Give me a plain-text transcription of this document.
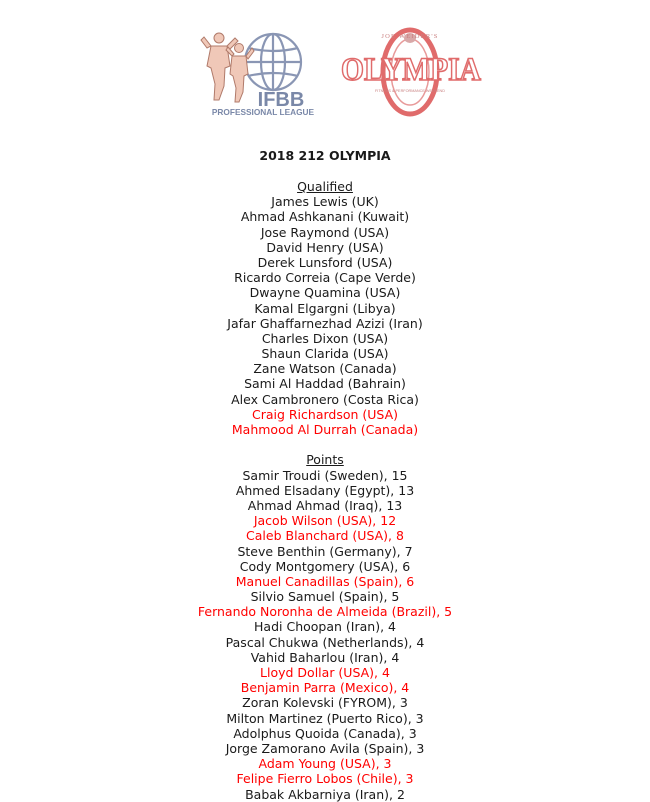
IFBB
PROFESSIONAL LEAGUE
JOE WEIDER'S
OLYMPIA
FITNESS & PERFORMANCE WEEKEND
2018 212 OLYMPIA
Qualified
James Lewis (UK)
Ahmad Ashkanani (Kuwait)
Jose Raymond (USA)
David Henry (USA)
Derek Lunsford (USA)
Ricardo Correia (Cape Verde)
Dwayne Quamina (USA)
Kamal Elgargni (Libya)
Jafar Ghaffarnezhad Azizi (Iran)
Charles Dixon (USA)
Shaun Clarida (USA)
Zane Watson (Canada)
Sami Al Haddad (Bahrain)
Alex Cambronero (Costa Rica)
Craig Richardson (USA)
Mahmood Al Durrah (Canada)
Points
Samir Troudi (Sweden), 15
Ahmed Elsadany (Egypt), 13
Ahmad Ahmad (Iraq), 13
Jacob Wilson (USA), 12
Caleb Blanchard (USA), 8
Steve Benthin (Germany), 7
Cody Montgomery (USA), 6
Manuel Canadillas (Spain), 6
Silvio Samuel (Spain), 5
Fernando Noronha de Almeida (Brazil), 5
Hadi Choopan (Iran), 4
Pascal Chukwa (Netherlands), 4
Vahid Baharlou (Iran), 4
Lloyd Dollar (USA), 4
Benjamin Parra (Mexico), 4
Zoran Kolevski (FYROM), 3
Milton Martinez (Puerto Rico), 3
Adolphus Quoida (Canada), 3
Jorge Zamorano Avila (Spain), 3
Adam Young (USA), 3
Felipe Fierro Lobos (Chile), 3
Babak Akbarniya (Iran), 2
